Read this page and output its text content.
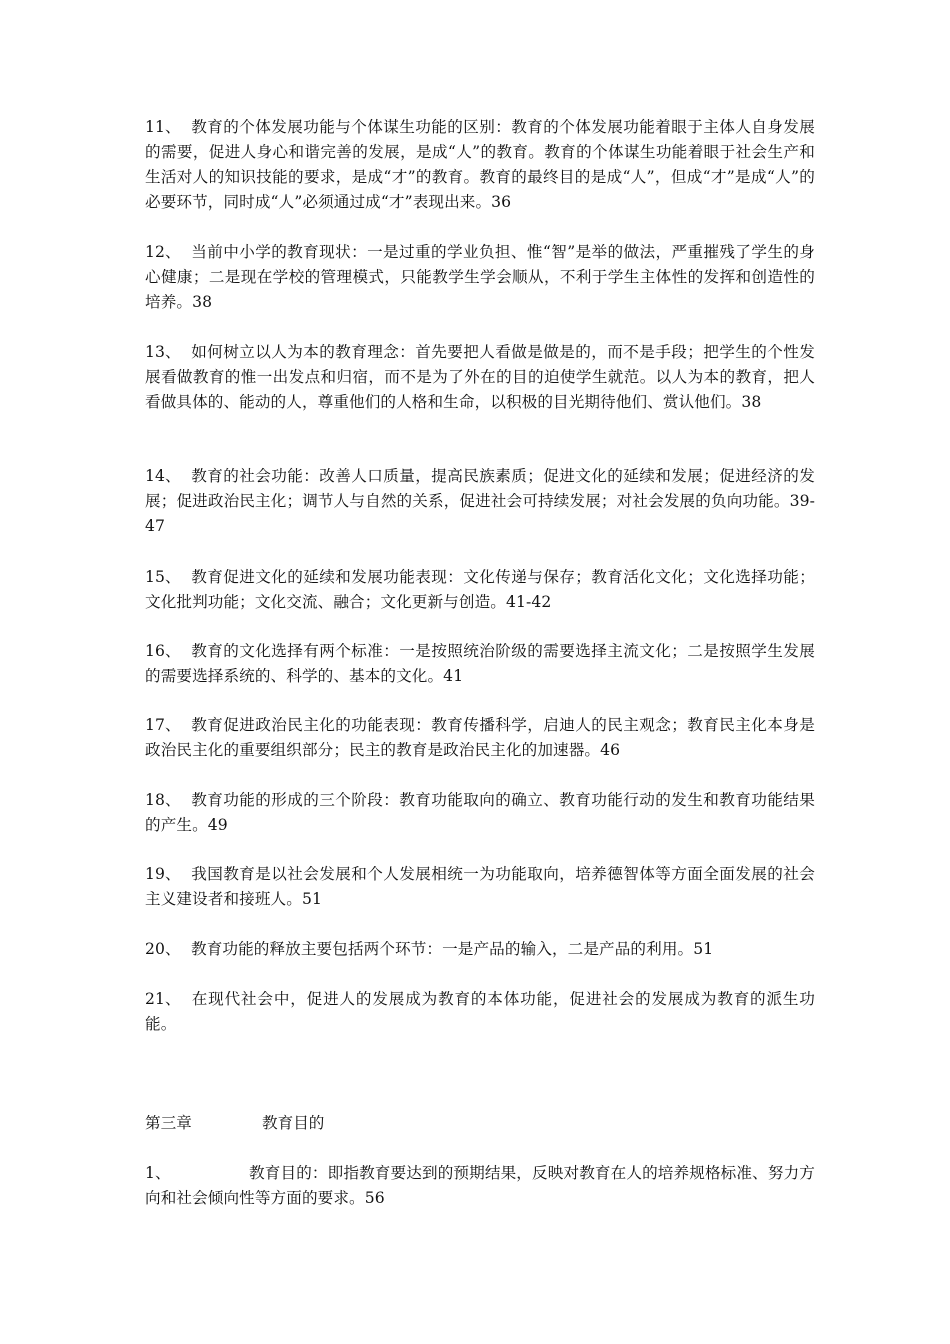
11、 教育的个体发展功能与个体谋生功能的区别：教育的个体发展功能着眼于主体人自身发展的需要，促进人身心和谐完善的发展，是成“人”的教育。教育的个体谋生功能着眼于社会生产和生活对人的知识技能的要求，是成“才”的教育。教育的最终目的是成“人”，但成“才”是成“人”的必要环节，同时成“人”必须通过成“才”表现出来。36

12、 当前中小学的教育现状：一是过重的学业负担、惟“智”是举的做法，严重摧残了学生的身心健康；二是现在学校的管理模式，只能教学生学会顺从，不利于学生主体性的发挥和创造性的培养。38

13、 如何树立以人为本的教育理念：首先要把人看做是做是的，而不是手段；把学生的个性发展看做教育的惟一出发点和归宿，而不是为了外在的目的迫使学生就范。以人为本的教育，把人看做具体的、能动的人，尊重他们的人格和生命，以积极的目光期待他们、赏认他们。38

14、 教育的社会功能：改善人口质量，提高民族素质；促进文化的延续和发展；促进经济的发展；促进政治民主化；调节人与自然的关系，促进社会可持续发展；对社会发展的负向功能。39-47

15、 教育促进文化的延续和发展功能表现：文化传递与保存；教育活化文化；文化选择功能；文化批判功能；文化交流、融合；文化更新与创造。41-42

16、 教育的文化选择有两个标准：一是按照统治阶级的需要选择主流文化；二是按照学生发展的需要选择系统的、科学的、基本的文化。41

17、 教育促进政治民主化的功能表现：教育传播科学，启迪人的民主观念；教育民主化本身是政治民主化的重要组织部分；民主的教育是政治民主化的加速器。46

18、 教育功能的形成的三个阶段：教育功能取向的确立、教育功能行动的发生和教育功能结果的产生。49

19、 我国教育是以社会发展和个人发展相统一为功能取向，培养德智体等方面全面发展的社会主义建设者和接班人。51

20、 教育功能的释放主要包括两个环节：一是产品的输入，二是产品的利用。51

21、 在现代社会中，促进人的发展成为教育的本体功能，促进社会的发展成为教育的派生功能。

第三章	教育目的

1、	教育目的：即指教育要达到的预期结果，反映对教育在人的培养规格标准、努力方向和社会倾向性等方面的要求。56
